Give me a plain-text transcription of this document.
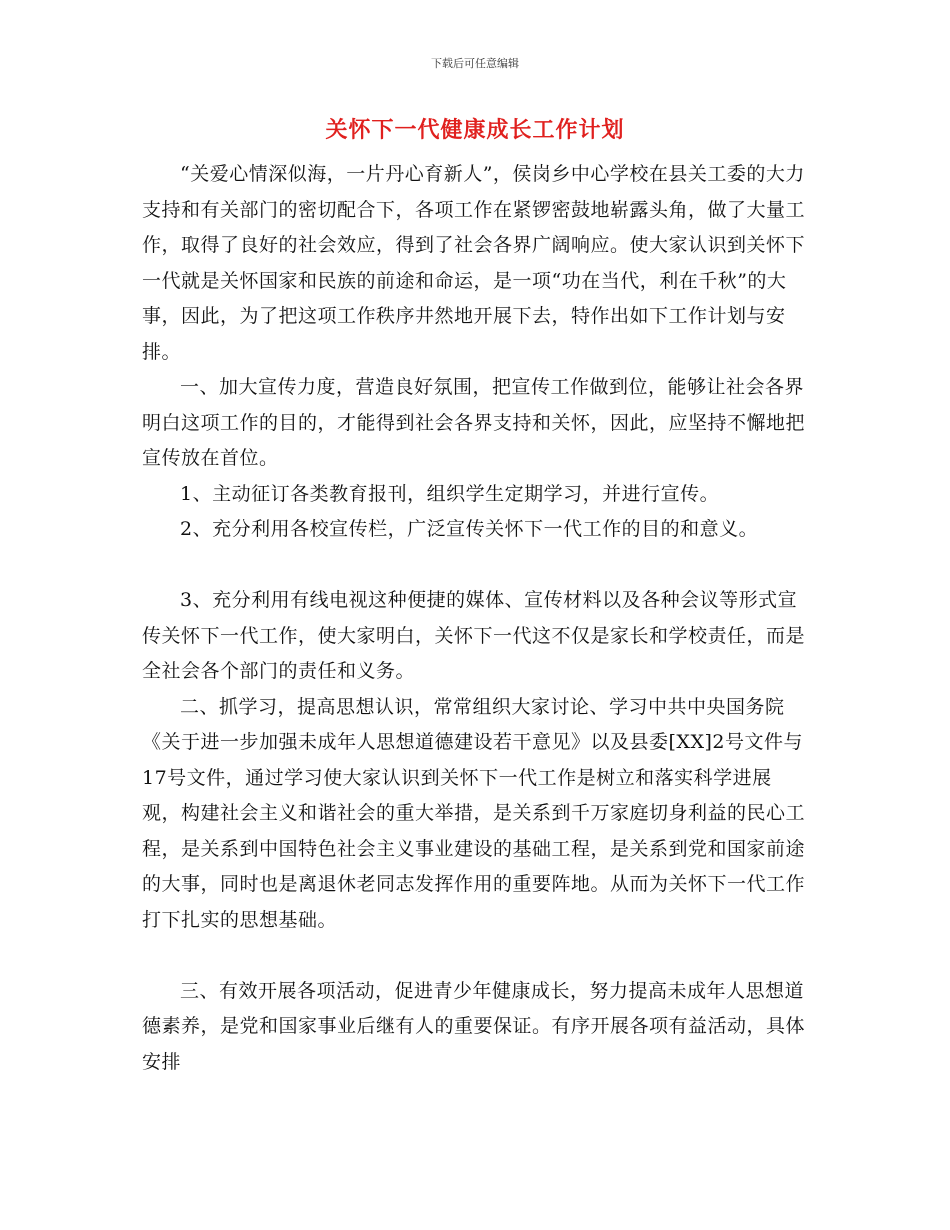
下载后可任意编辑
关怀下一代健康成长工作计划

“关爱心情深似海，一片丹心育新人”，侯岗乡中心学校在县关工委的大力支持和有关部门的密切配合下，各项工作在紧锣密鼓地崭露头角，做了大量工作，取得了良好的社会效应，得到了社会各界广阔响应。使大家认识到关怀下一代就是关怀国家和民族的前途和命运，是一项“功在当代，利在千秋”的大事，因此，为了把这项工作秩序井然地开展下去，特作出如下工作计划与安排。

一、加大宣传力度，营造良好氛围，把宣传工作做到位，能够让社会各界明白这项工作的目的，才能得到社会各界支持和关怀，因此，应坚持不懈地把宣传放在首位。

1、主动征订各类教育报刊，组织学生定期学习，并进行宣传。

2、充分利用各校宣传栏，广泛宣传关怀下一代工作的目的和意义。

3、充分利用有线电视这种便捷的媒体、宣传材料以及各种会议等形式宣传关怀下一代工作，使大家明白，关怀下一代这不仅是家长和学校责任，而是全社会各个部门的责任和义务。

二、抓学习，提高思想认识，常常组织大家讨论、学习中共中央国务院《关于进一步加强未成年人思想道德建设若干意见》以及县委[XX]2号文件与17号文件，通过学习使大家认识到关怀下一代工作是树立和落实科学进展观，构建社会主义和谐社会的重大举措，是关系到千万家庭切身利益的民心工程，是关系到中国特色社会主义事业建设的基础工程，是关系到党和国家前途的大事，同时也是离退休老同志发挥作用的重要阵地。从而为关怀下一代工作打下扎实的思想基础。

三、有效开展各项活动，促进青少年健康成长，努力提高未成年人思想道德素养，是党和国家事业后继有人的重要保证。有序开展各项有益活动，具体安排
